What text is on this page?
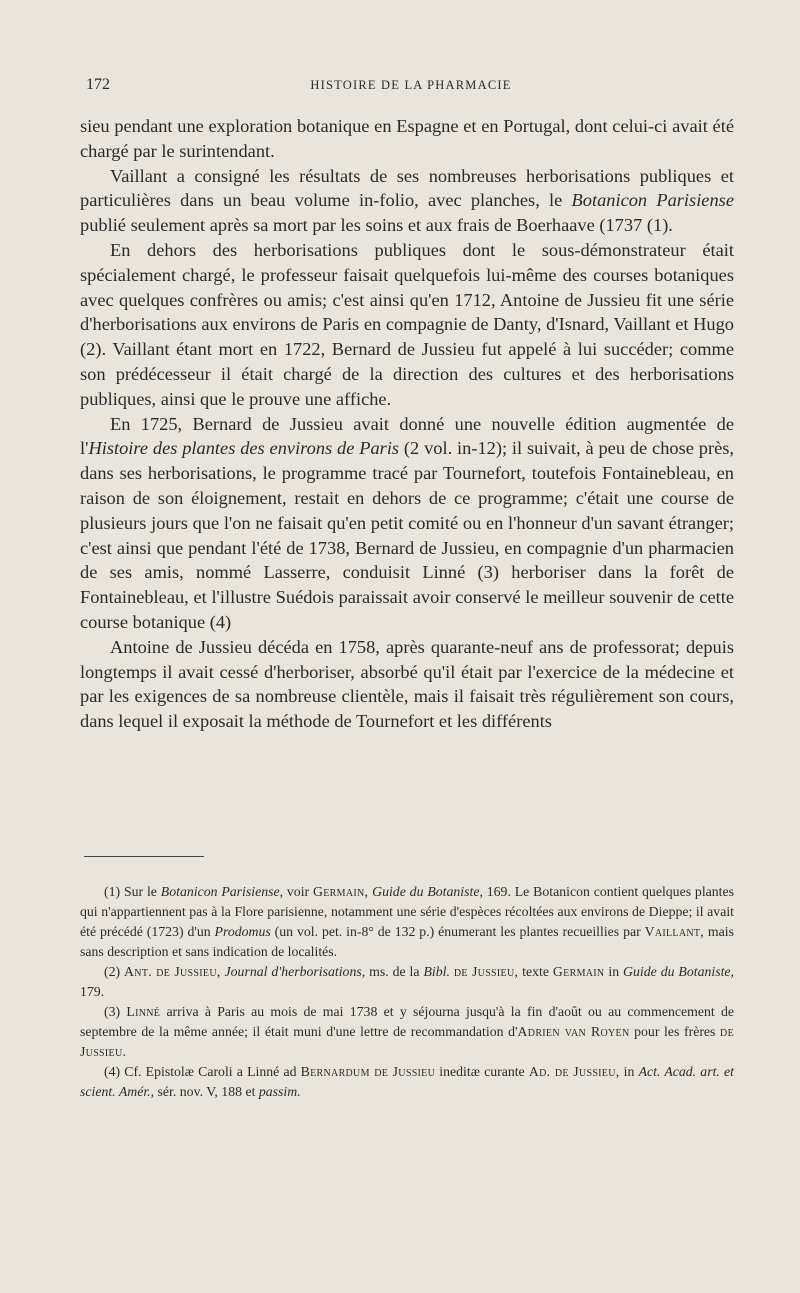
172	HISTOIRE DE LA PHARMACIE

sieu pendant une exploration botanique en Espagne et en Portugal, dont celui-ci avait été chargé par le surintendant.

Vaillant a consigné les résultats de ses nombreuses herborisations publiques et particulières dans un beau volume in-folio, avec planches, le Botanicon Parisiense publié seulement après sa mort par les soins et aux frais de Boerhaave (1737 (1).

En dehors des herborisations publiques dont le sous-démonstrateur était spécialement chargé, le professeur faisait quelquefois lui-même des courses botaniques avec quelques confrères ou amis; c'est ainsi qu'en 1712, Antoine de Jussieu fit une série d'herborisations aux environs de Paris en compagnie de Danty, d'Isnard, Vaillant et Hugo (2). Vaillant étant mort en 1722, Bernard de Jussieu fut appelé à lui succéder; comme son prédécesseur il était chargé de la direction des cultures et des herborisations publiques, ainsi que le prouve une affiche.

En 1725, Bernard de Jussieu avait donné une nouvelle édition augmentée de l'Histoire des plantes des environs de Paris (2 vol. in-12); il suivait, à peu de chose près, dans ses herborisations, le programme tracé par Tournefort, toutefois Fontainebleau, en raison de son éloignement, restait en dehors de ce programme; c'était une course de plusieurs jours que l'on ne faisait qu'en petit comité ou en l'honneur d'un savant étranger; c'est ainsi que pendant l'été de 1738, Bernard de Jussieu, en compagnie d'un pharmacien de ses amis, nommé Lasserre, conduisit Linné (3) herboriser dans la forêt de Fontainebleau, et l'illustre Suédois paraissait avoir conservé le meilleur souvenir de cette course botanique (4)

Antoine de Jussieu décéda en 1758, après quarante-neuf ans de professorat; depuis longtemps il avait cessé d'herboriser, absorbé qu'il était par l'exercice de la médecine et par les exigences de sa nombreuse clientèle, mais il faisait très régulièrement son cours, dans lequel il exposait la méthode de Tournefort et les différents

(1) Sur le Botanicon Parisiense, voir Germain, Guide du Botaniste, 169. Le Botanicon contient quelques plantes qui n'appartiennent pas à la Flore parisienne, notamment une série d'espèces récoltées aux environs de Dieppe; il avait été précédé (1723) d'un Prodomus (un vol. pet. in-8° de 132 p.) énumerant les plantes recueillies par Vaillant, mais sans description et sans indication de localités.

(2) Ant. de Jussieu, Journal d'herborisations, ms. de la Bibl. de Jussieu, texte Germain in Guide du Botaniste, 179.

(3) Linné arriva à Paris au mois de mai 1738 et y séjourna jusqu'à la fin d'août ou au commencement de septembre de la même année; il était muni d'une lettre de recommandation d'Adrien van Royen pour les frères de Jussieu.

(4) Cf. Epistolæ Caroli a Linné ad Bernardum de Jussieu ineditæ curante Ad. de Jussieu, in Act. Acad. art. et scient. Amér., sér. nov. V, 188 et passim.
